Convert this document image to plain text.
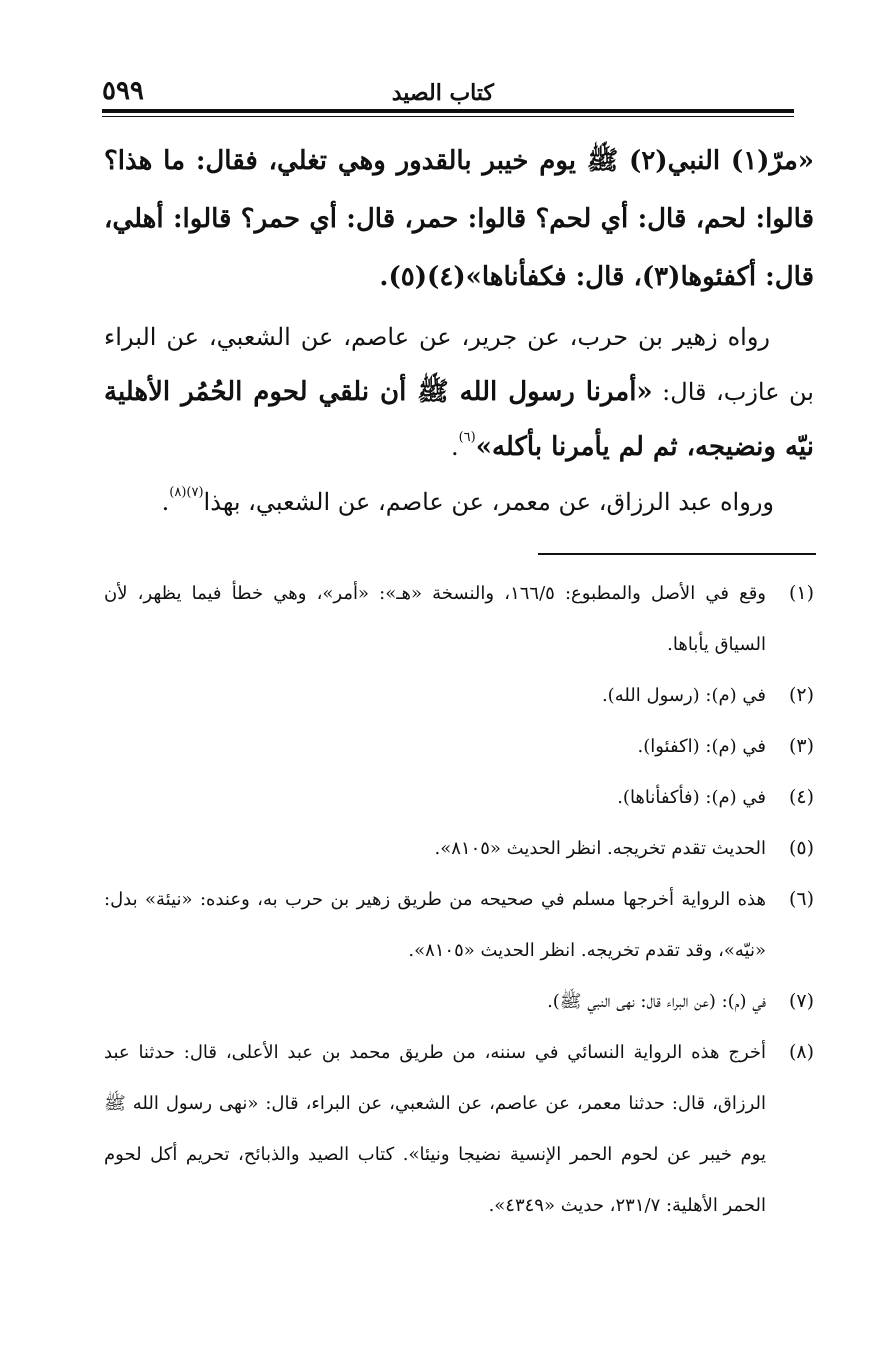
كتاب الصيد
٥٩٩

«مرّ(١) النبي(٢) ﷺ يوم خيبر بالقدور وهي تغلي، فقال: ما هذا؟ قالوا: لحم، قال: أي لحم؟ قالوا: حمر، قال: أي حمر؟ قالوا: أهلي، قال: أكفئوها(٣)، قال: فكفأناها»(٤)(٥).

رواه زهير بن حرب، عن جرير، عن عاصم، عن الشعبي، عن البراء بن عازب، قال: «أمرنا رسول الله ﷺ أن نلقي لحوم الحُمُر الأهلية نيّه ونضيجه، ثم لم يأمرنا بأكله»$^{(٦)}$.

ورواه عبد الرزاق، عن معمر، عن عاصم، عن الشعبي، بهذا$^{(٧)(٨)}$.

(١)
وقع في الأصل والمطبوع: ١٦٦/٥، والنسخة «هـ»: «أمر»، وهي خطأ فيما يظهر، لأن السياق يأباها.
(٢)
في (م): (رسول الله).
(٣)
في (م): (اكفئوا).
(٤)
في (م): (فأكفأناها).
(٥)
الحديث تقدم تخريجه. انظر الحديث «٨١٠٥».
(٦)
هذه الرواية أخرجها مسلم في صحيحه من طريق زهير بن حرب به، وعنده: «نيئة» بدل: «نيّه»، وقد تقدم تخريجه. انظر الحديث «٨١٠٥».
(٧)
في (م): (عن البراء قال: نهى النبي ﷺ).
(٨)
أخرج هذه الرواية النسائي في سننه، من طريق محمد بن عبد الأعلى، قال: حدثنا عبد الرزاق، قال: حدثنا معمر، عن عاصم، عن الشعبي، عن البراء، قال: «نهى رسول الله ﷺ يوم خيبر عن لحوم الحمر الإنسية نضيجا ونيئا». كتاب الصيد والذبائح، تحريم أكل لحوم الحمر الأهلية: ٢٣١/٧، حديث «٤٣٤٩».
